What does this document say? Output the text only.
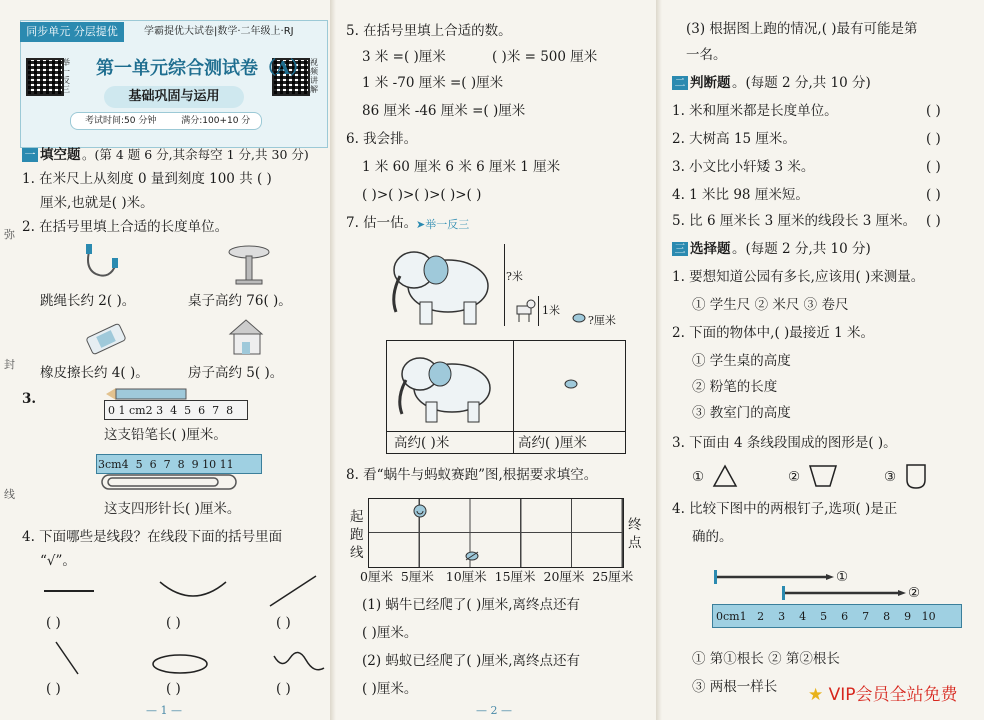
同步单元 分层提优	学霸提优大试卷|数学·二年级上·RJ
举一反三
视频讲解
第一单元综合测试卷（A）
基础巩固与运用
考试时间:50 分钟	满分:100+10 分
弥
封
线
一 填空题 。(第 4 题 6 分,其余每空 1 分,共 30 分)
1. 在米尺上从刻度 0 量到刻度 100 共 ( )
厘米,也就是( )米。
2. 在括号里填上合适的长度单位。
跳绳长约 2( )。	桌子高约 76( )。
橡皮擦长约 4( )。	房子高约 5( )。
3.
0 1 cm2 3 4 5 6 7 8
这支铅笔长( )厘米。
3cm4 5 6 7 8 9 10 11
这支四形针长( )厘米。
4. 下面哪些是线段？在线段下面的括号里面
“√”。
( )	( )	( )
( )	( )	( )
— 1 —
5. 在括号里填上合适的数。
3 米 =( )厘米	( )米 = 500 厘米
1 米 -70 厘米 =( )厘米
86 厘米 -46 厘米 =( )厘米
6. 我会排。
1 米 60 厘米 6 米 6 厘米 1 厘米
( )>( )>( )>( )>( )
7. 估一估。
➤举一反三
?米
1米
?厘米
高约( )米	高约( )厘米
8. 看“蜗牛与蚂蚁赛跑”图,根据要求填空。
起
跑
线
终
点
0厘米 5厘米 10厘米 15厘米 20厘米 25厘米
(1) 蜗牛已经爬了( )厘米,离终点还有
( )厘米。
(2) 蚂蚁已经爬了( )厘米,离终点还有
( )厘米。
— 2 —
(3) 根据图上跑的情况,( )最有可能是第
一名。
二 判断题 。(每题 2 分,共 10 分)
1. 米和厘米都是长度单位。	( )
2. 大树高 15 厘米。	( )
3. 小文比小轩矮 3 米。	( )
4. 1 米比 98 厘米短。	( )
5. 比 6 厘米长 3 厘米的线段长 3 厘米。 ( )
三 选择题 。(每题 2 分,共 10 分)
1. 要想知道公园有多长,应该用( )来测量。
① 学生尺 ② 米尺 ③ 卷尺
2. 下面的物体中,( )最接近 1 米。
① 学生桌的高度
② 粉笔的长度
③ 教室门的高度
3. 下面由 4 条线段围成的图形是( )。
①	②	③
4. 比较下图中的两根钉子,选项( )是正
确的。
①
②
0cm1 2 3 4 5 6 7 8 9 10
① 第①根长 ② 第②根长
③ 两根一样长 ★ VIP会员全站免费
